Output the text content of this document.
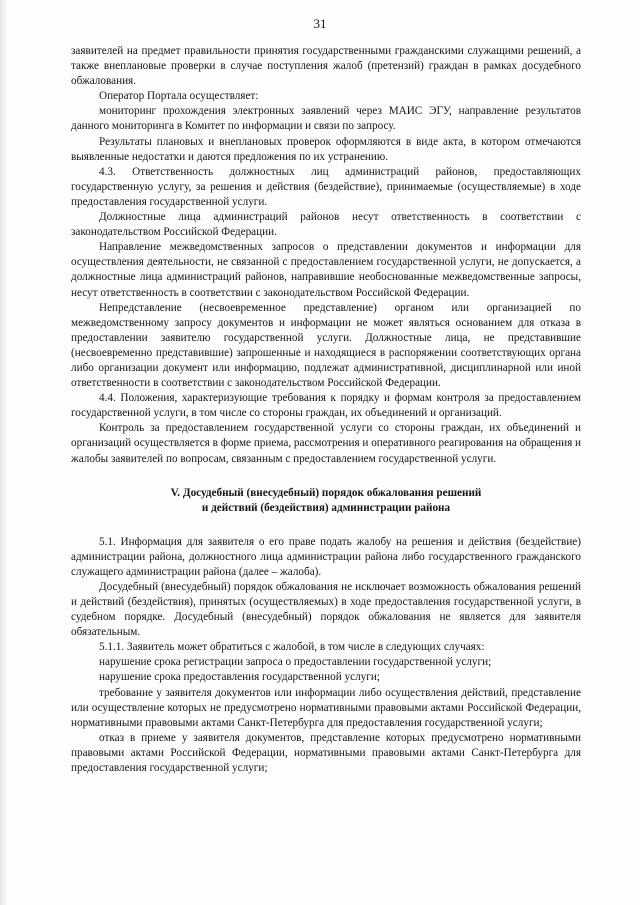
31

заявителей на предмет правильности принятия государственными гражданскими служащими решений, а также внеплановые проверки в случае поступления жалоб (претензий) граждан в рамках досудебного обжалования.

Оператор Портала осуществляет:

мониторинг прохождения электронных заявлений через МАИС ЭГУ, направление результатов данного мониторинга в Комитет по информации и связи по запросу.

Результаты плановых и внеплановых проверок оформляются в виде акта, в котором отмечаются выявленные недостатки и даются предложения по их устранению.

4.3. Ответственность должностных лиц администраций районов, предоставляющих государственную услугу, за решения и действия (бездействие), принимаемые (осуществляемые) в ходе предоставления государственной услуги.

Должностные лица администраций районов несут ответственность в соответствии с законодательством Российской Федерации.

Направление межведомственных запросов о представлении документов и информации для осуществления деятельности, не связанной с предоставлением государственной услуги, не допускается, а должностные лица администраций районов, направившие необоснованные межведомственные запросы, несут ответственность в соответствии с законодательством Российской Федерации.

Непредставление (несвоевременное представление) органом или организацией по межведомственному запросу документов и информации не может являться основанием для отказа в предоставлении заявителю государственной услуги. Должностные лица, не представившие (несвоевременно представившие) запрошенные и находящиеся в распоряжении соответствующих органа либо организации документ или информацию, подлежат административной, дисциплинарной или иной ответственности в соответствии с законодательством Российской Федерации.

4.4. Положения, характеризующие требования к порядку и формам контроля за предоставлением государственной услуги, в том числе со стороны граждан, их объединений и организаций.

Контроль за предоставлением государственной услуги со стороны граждан, их объединений и организаций осуществляется в форме приема, рассмотрения и оперативного реагирования на обращения и жалобы заявителей по вопросам, связанным с предоставлением государственной услуги.

V. Досудебный (внесудебный) порядок обжалования решений
и действий (бездействия) администрации района

5.1. Информация для заявителя о его праве подать жалобу на решения и действия (бездействие) администрации района, должностного лица администрации района либо государственного гражданского служащего администрации района (далее – жалоба).

Досудебный (внесудебный) порядок обжалования не исключает возможность обжалования решений и действий (бездействия), принятых (осуществляемых) в ходе предоставления государственной услуги, в судебном порядке. Досудебный (внесудебный) порядок обжалования не является для заявителя обязательным.

5.1.1. Заявитель может обратиться с жалобой, в том числе в следующих случаях:

нарушение срока регистрации запроса о предоставлении государственной услуги;

нарушение срока предоставления государственной услуги;

требование у заявителя документов или информации либо осуществления действий, представление или осуществление которых не предусмотрено нормативными правовыми актами Российской Федерации, нормативными правовыми актами Санкт-Петербурга для предоставления государственной услуги;

отказ в приеме у заявителя документов, представление которых предусмотрено нормативными правовыми актами Российской Федерации, нормативными правовыми актами Санкт-Петербурга для предоставления государственной услуги;
